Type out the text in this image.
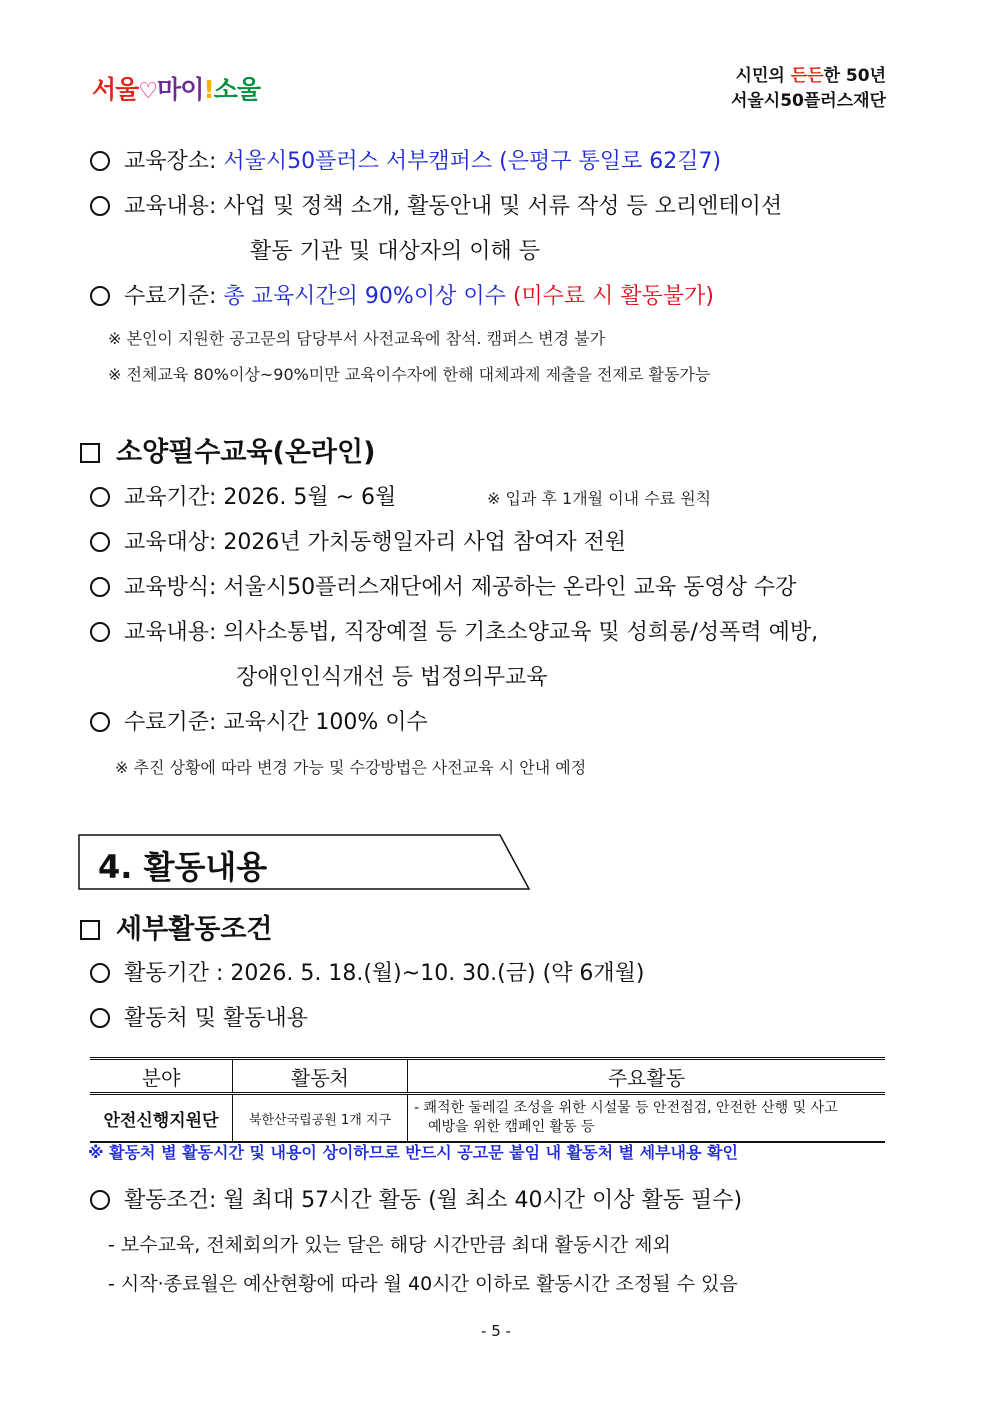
서울♡마이!소울	시민의 든든한 50년
서울시50플러스재단
교육장소: 서울시50플러스 서부캠퍼스 (은평구 통일로 62길7)
교육내용: 사업 및 정책 소개, 활동안내 및 서류 작성 등 오리엔테이션
활동 기관 및 대상자의 이해 등
수료기준: 총 교육시간의 90%이상 이수 (미수료 시 활동불가)
※ 본인이 지원한 공고문의 담당부서 사전교육에 참석. 캠퍼스 변경 불가
※ 전체교육 80%이상~90%미만 교육이수자에 한해 대체과제 제출을 전제로 활동가능
소양필수교육(온라인)
교육기간: 2026. 5월 ~ 6월	※ 입과 후 1개월 이내 수료 원칙
교육대상: 2026년 가치동행일자리 사업 참여자 전원
교육방식: 서울시50플러스재단에서 제공하는 온라인 교육 동영상 수강
교육내용: 의사소통법, 직장예절 등 기초소양교육 및 성희롱/성폭력 예방,
장애인인식개선 등 법정의무교육
수료기준: 교육시간 100% 이수
※ 추진 상황에 따라 변경 가능 및 수강방법은 사전교육 시 안내 예정
4. 활동내용
세부활동조건
활동기간 : 2026. 5. 18.(월)~10. 30.(금) (약 6개월)
활동처 및 활동내용
분야	활동처	주요활동
안전신행지원단	북한산국립공원 1개 지구	- 쾌적한 둘레길 조성을 위한 시설물 등 안전점검, 안전한 산행 및 사고
예방을 위한 캠페인 활동 등
※ 활동처 별 활동시간 및 내용이 상이하므로 반드시 공고문 붙임 내 활동처 별 세부내용 확인
활동조건: 월 최대 57시간 활동 (월 최소 40시간 이상 활동 필수)
- 보수교육, 전체회의가 있는 달은 해당 시간만큼 최대 활동시간 제외
- 시작·종료월은 예산현황에 따라 월 40시간 이하로 활동시간 조정될 수 있음
- 5 -
